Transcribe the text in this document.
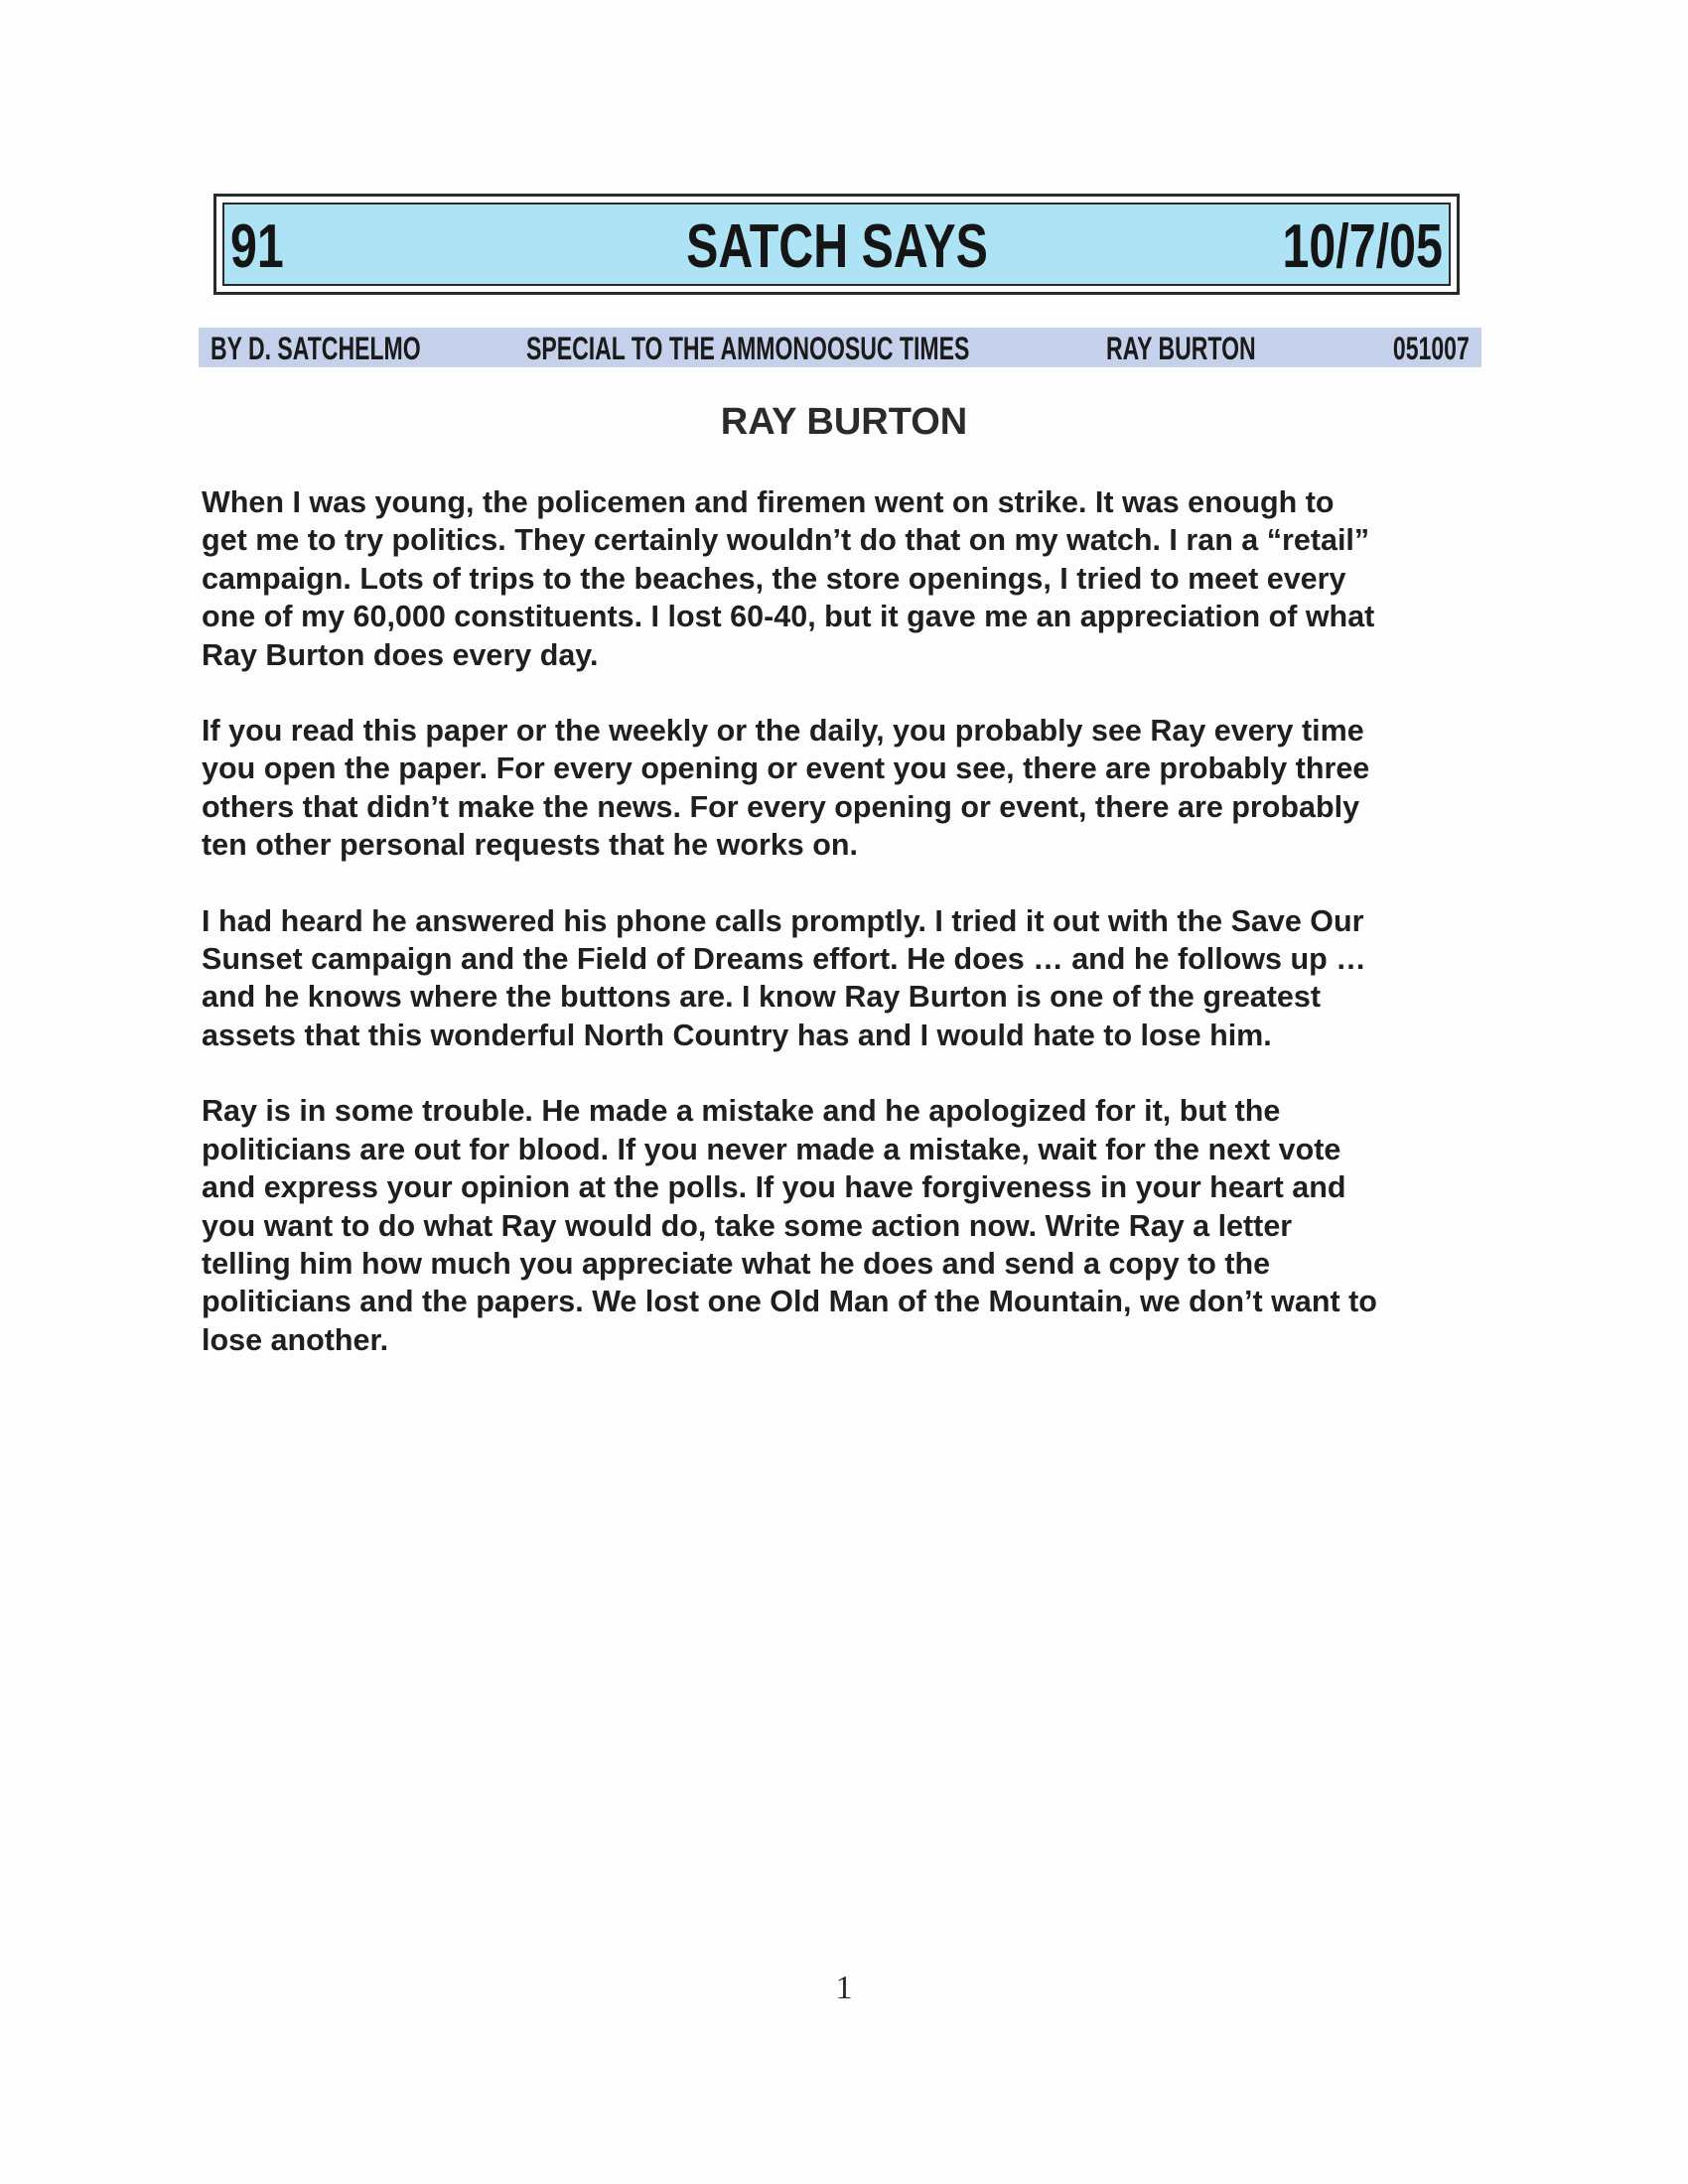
91	SATCH SAYS	10/7/05
BY D. SATCHELMO	SPECIAL TO THE AMMONOOSUC TIMES	RAY BURTON	051007
RAY BURTON

When I was young, the policemen and firemen went on strike. It was enough to
get me to try politics. They certainly wouldn’t do that on my watch. I ran a “retail”
campaign. Lots of trips to the beaches, the store openings, I tried to meet every
one of my 60,000 constituents. I lost 60-40, but it gave me an appreciation of what
Ray Burton does every day.

If you read this paper or the weekly or the daily, you probably see Ray every time
you open the paper. For every opening or event you see, there are probably three
others that didn’t make the news. For every opening or event, there are probably
ten other personal requests that he works on.

I had heard he answered his phone calls promptly. I tried it out with the Save Our
Sunset campaign and the Field of Dreams effort. He does … and he follows up …
and he knows where the buttons are. I know Ray Burton is one of the greatest
assets that this wonderful North Country has and I would hate to lose him.

Ray is in some trouble. He made a mistake and he apologized for it, but the
politicians are out for blood. If you never made a mistake, wait for the next vote
and express your opinion at the polls. If you have forgiveness in your heart and
you want to do what Ray would do, take some action now. Write Ray a letter
telling him how much you appreciate what he does and send a copy to the
politicians and the papers. We lost one Old Man of the Mountain, we don’t want to
lose another.

1
